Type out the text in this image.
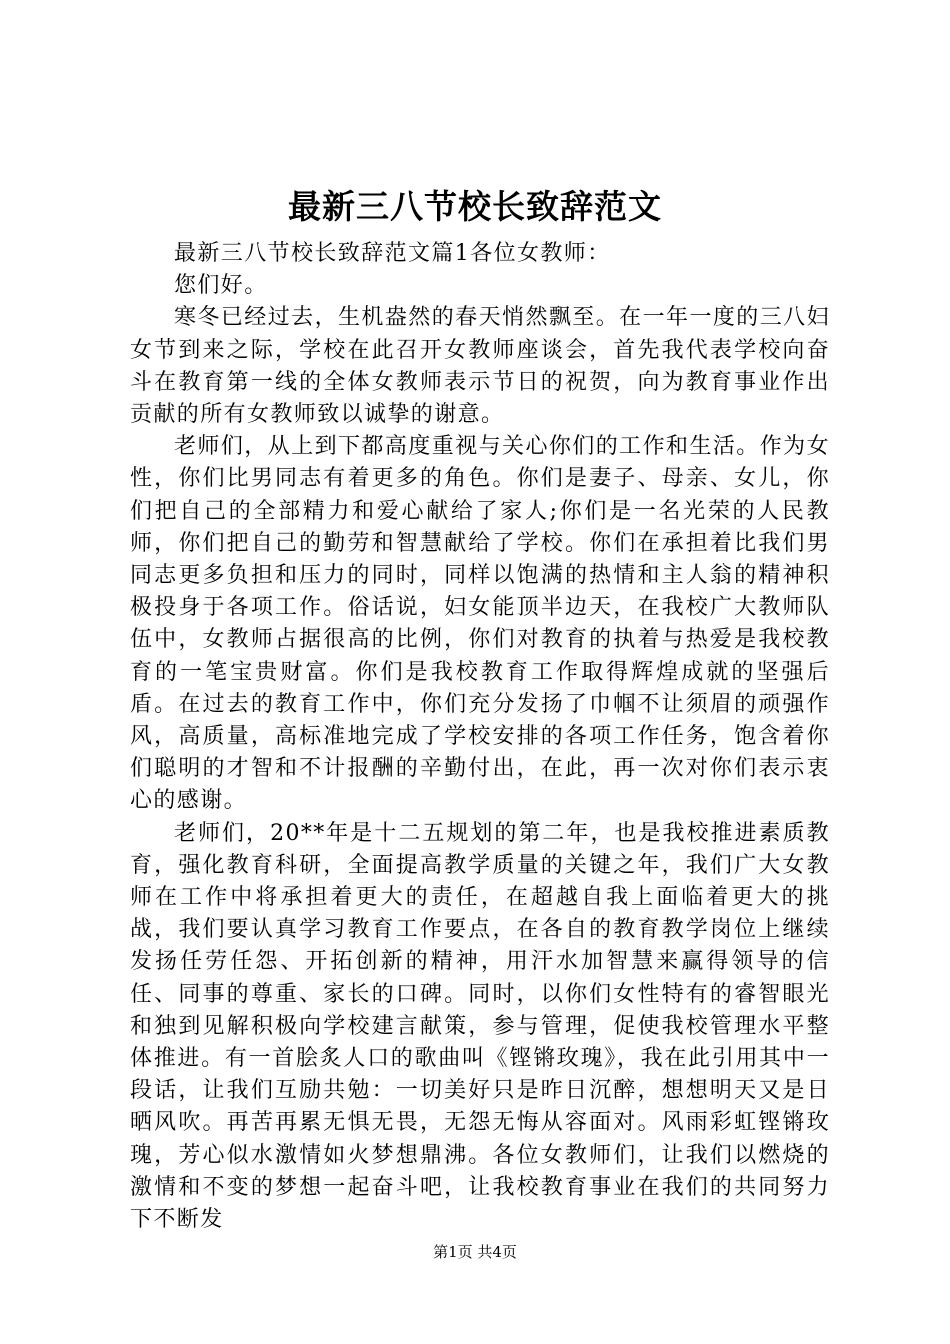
最新三八节校长致辞范文

最新三八节校长致辞范文篇1各位女教师：

您们好。

寒冬已经过去，生机盎然的春天悄然飘至。在一年一度的三八妇女节到来之际，学校在此召开女教师座谈会，首先我代表学校向奋斗在教育第一线的全体女教师表示节日的祝贺，向为教育事业作出贡献的所有女教师致以诚挚的谢意。

老师们，从上到下都高度重视与关心你们的工作和生活。作为女性，你们比男同志有着更多的角色。你们是妻子、母亲、女儿，你们把自己的全部精力和爱心献给了家人;你们是一名光荣的人民教师，你们把自己的勤劳和智慧献给了学校。你们在承担着比我们男同志更多负担和压力的同时，同样以饱满的热情和主人翁的精神积极投身于各项工作。俗话说，妇女能顶半边天，在我校广大教师队伍中，女教师占据很高的比例，你们对教育的执着与热爱是我校教育的一笔宝贵财富。你们是我校教育工作取得辉煌成就的坚强后盾。在过去的教育工作中，你们充分发扬了巾帼不让须眉的顽强作风，高质量，高标准地完成了学校安排的各项工作任务，饱含着你们聪明的才智和不计报酬的辛勤付出，在此，再一次对你们表示衷心的感谢。

老师们，20**年是十二五规划的第二年，也是我校推进素质教育，强化教育科研，全面提高教学质量的关键之年，我们广大女教师在工作中将承担着更大的责任，在超越自我上面临着更大的挑战，我们要认真学习教育工作要点，在各自的教育教学岗位上继续发扬任劳任怨、开拓创新的精神，用汗水加智慧来赢得领导的信任、同事的尊重、家长的口碑。同时，以你们女性特有的睿智眼光和独到见解积极向学校建言献策，参与管理，促使我校管理水平整体推进。有一首脍炙人口的歌曲叫《铿锵玫瑰》，我在此引用其中一段话，让我们互励共勉：一切美好只是昨日沉醉，想想明天又是日晒风吹。再苦再累无惧无畏，无怨无悔从容面对。风雨彩虹铿锵玫瑰，芳心似水激情如火梦想鼎沸。各位女教师们，让我们以燃烧的激情和不变的梦想一起奋斗吧，让我校教育事业在我们的共同努力下不断发

第1页 共4页
